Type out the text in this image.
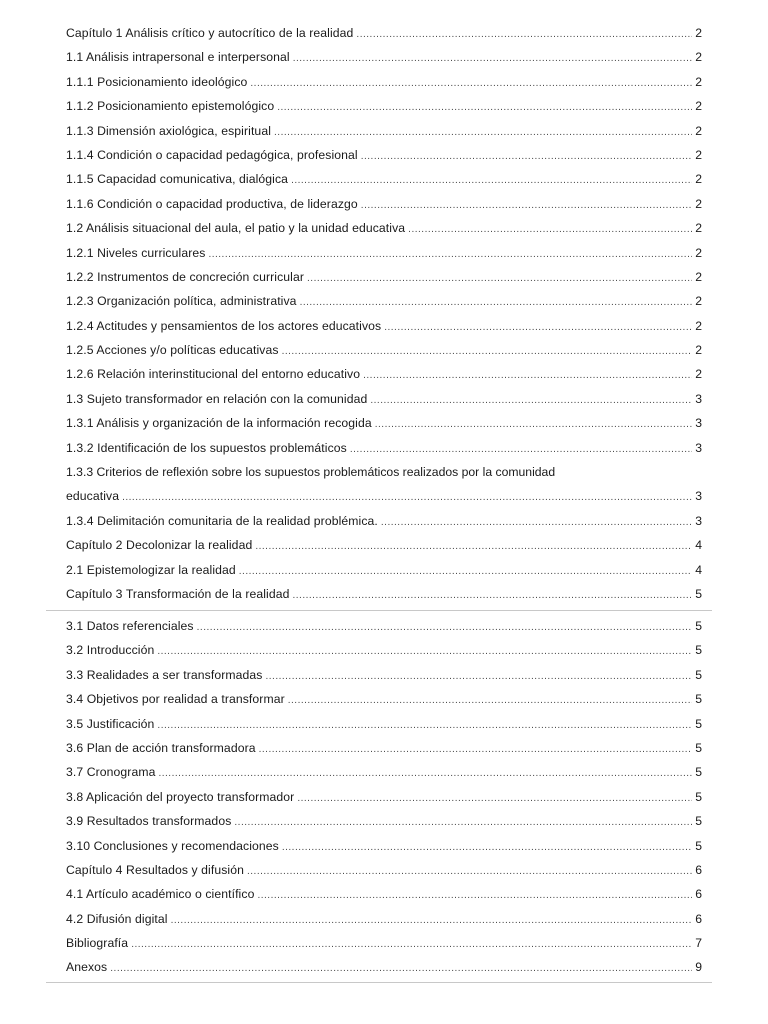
Capítulo 1 Análisis crítico y autocrítico de la realidad .....	2
1.1 Análisis intrapersonal e interpersonal .....	2
1.1.1 Posicionamiento ideológico .....	2
1.1.2 Posicionamiento epistemológico .....	2
1.1.3 Dimensión axiológica, espiritual .....	2
1.1.4 Condición o capacidad pedagógica, profesional .....	2
1.1.5 Capacidad comunicativa, dialógica .....	2
1.1.6 Condición o capacidad productiva, de liderazgo .....	2
1.2 Análisis situacional del aula, el patio y la unidad educativa .....	2
1.2.1 Niveles curriculares .....	2
1.2.2 Instrumentos de concreción curricular .....	2
1.2.3 Organización política, administrativa .....	2
1.2.4 Actitudes y pensamientos de los actores educativos .....	2
1.2.5 Acciones y/o políticas educativas .....	2
1.2.6 Relación interinstitucional del entorno educativo .....	2
1.3 Sujeto transformador en relación con la comunidad .....	3
1.3.1 Análisis y organización de la información recogida .....	3
1.3.2 Identificación de los supuestos problemáticos .....	3
1.3.3 Criterios de reflexión sobre los supuestos problemáticos realizados por la comunidad
educativa .....	3
1.3.4 Delimitación comunitaria de la realidad problémica. .....	3
Capítulo 2 Decolonizar la realidad .....	4
2.1 Epistemologizar la realidad .....	4
Capítulo 3 Transformación de la realidad .....	5
3.1 Datos referenciales .....	5
3.2 Introducción .....	5
3.3 Realidades a ser transformadas .....	5
3.4 Objetivos por realidad a transformar .....	5
3.5 Justificación .....	5
3.6 Plan de acción transformadora .....	5
3.7 Cronograma .....	5
3.8 Aplicación del proyecto transformador .....	5
3.9 Resultados transformados .....	5
3.10 Conclusiones y recomendaciones .....	5
Capítulo 4 Resultados y difusión .....	6
4.1 Artículo académico o científico .....	6
4.2 Difusión digital .....	6
Bibliografía .....	7
Anexos .....	9
